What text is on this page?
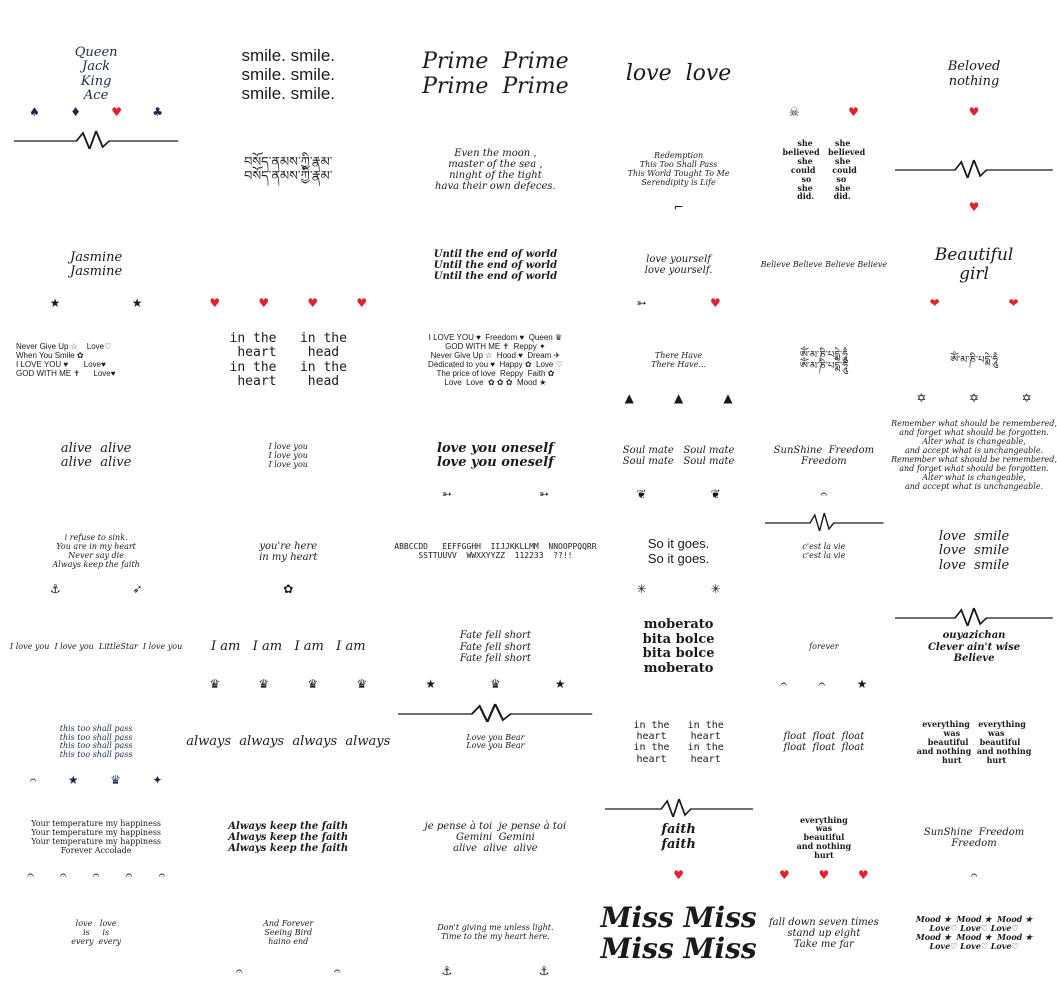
Queen
Jack
King
Ace
♠	♦	♥	♣
smile. smile.
smile. smile.
smile. smile.
Prime  Prime
Prime  Prime	love  love
☠	♥
Beloved
nothing
♥
བསོད་ནམས་ཀྱི་རྣམ་
བསོད་ནམས་ཀྱི་རྣམ་
Even the moon ,
master of the sea ,
ninght of the tight
hava their own defeces.
Redemption
This Too Shall Pass
This World Tought To Me
Serendipity is Life
⌐
she        she
believed   believed
she        she
could      could
so         so
she        she
did.       did.
♥
Jasmine
Jasmine
★	★	♥	♥	♥	♥
Until the end of world
Until the end of world
Until the end of world
love yourself
love yourself.
➳	♥
Believe Believe Believe Believe	Beautiful
girl
❤	❤
Never Give Up ☆    Love♡
When You Smile ✿
I LOVE YOU ♥       Love♥
GOD WITH ME ✝      Love♥
in the   in the
heart    head
in the   in the
heart    head
I LOVE YOU ♥  Freedom ♥  Queen ♛
GOD WITH ME ✝  Reppy ✦
Never Give Up ☆  Hood ♥  Dream ✈
Dedicated to you ♥  Happy ✿  Love ♡
The price of love  Reppy  Faith ✿
Love  Love  ✿ ✿ ✿  Mood ★
There Have
There Have...
▲	▲	▲
ཨོཾ་མ་ཎི་པདྨེ་ཧཱུྃ
ཨོཾ་མ་ཎི་པདྨེ་ཧཱུྃ
ཨོཾ་མ་ཎི་པདྨེ་ཧཱུྃ
✡	✡	✡
alive  alive
alive  alive
I love you
I love you
I love you
love you oneself
love you oneself
➳	➳
Soul mate   Soul mate
Soul mate   Soul mate
❦	❦
SunShine  Freedom
Freedom
𝄐
Remember what should be remembered,
and forget what should be forgotten.
Alter what is changeable,
and accept what is unchangeable.
Remember what should be remembered,
and forget what should be forgotten.
Alter what is changeable,
and accept what is unchangeable.
i refuse to sink.
You are in my heart
Never say die
Always keep the faith
⚓	➶
you're here
in my heart
✿
ABBCCDD   EEFFGGHH  IIJJKKLLMM  NNOOPPQQRR
SSTTUUVV  WWXXYYZZ  112233  ??!!
So it goes.
So it goes.
✳	✳
c'est la vie
c'est la vie
love  smile
love  smile
love  smile
I love you  I love you  LittleStar  I love you I am   I am   I am   I am
♛	♛	♛	♛
Fate fell short
Fate fell short
Fate fell short
★	♛	★
moberato
bita bolce
bita bolce
moberato
forever
𝄐	𝄐	★
ouyazichan
Clever ain't wise
Believe
this too shall pass
this too shall pass
this too shall pass
this too shall pass
𝄐	★	♛	✦
always  always  always  always	Love you Bear
Love you Bear
in the   in the
heart    heart
in the   in the
heart    heart
float  float  float
float  float  float
everything   everything
was          was
beautiful    beautiful
and nothing  and nothing
hurt         hurt
Your temperature my happiness
Your temperature my happiness
Your temperature my happiness
Forever Accolade
𝄐 𝄐 𝄐 𝄐 𝄐
Always keep the faith
Always keep the faith
Always keep the faith
je pense à toi  je pense à toi
Gemini  Gemini
alive  alive  alive
faith
faith
♥
everything
was
beautiful
and nothing
hurt
♥ ♥ ♥
SunShine  Freedom
Freedom
𝄐
love   love
is     is
every  every
And Forever
Seeing Bird
haino end
𝄐	𝄐
Don't giving me unless light.
Time to the my heart here.
⚓	⚓
Miss Miss
Miss Miss
fall down seven times
stand up eight
Take me far
Mood ★  Mood ★  Mood ★
Love♡ Love♡ Love♡
Mood ★  Mood ★  Mood ★
Love♡ Love♡ Love♡
